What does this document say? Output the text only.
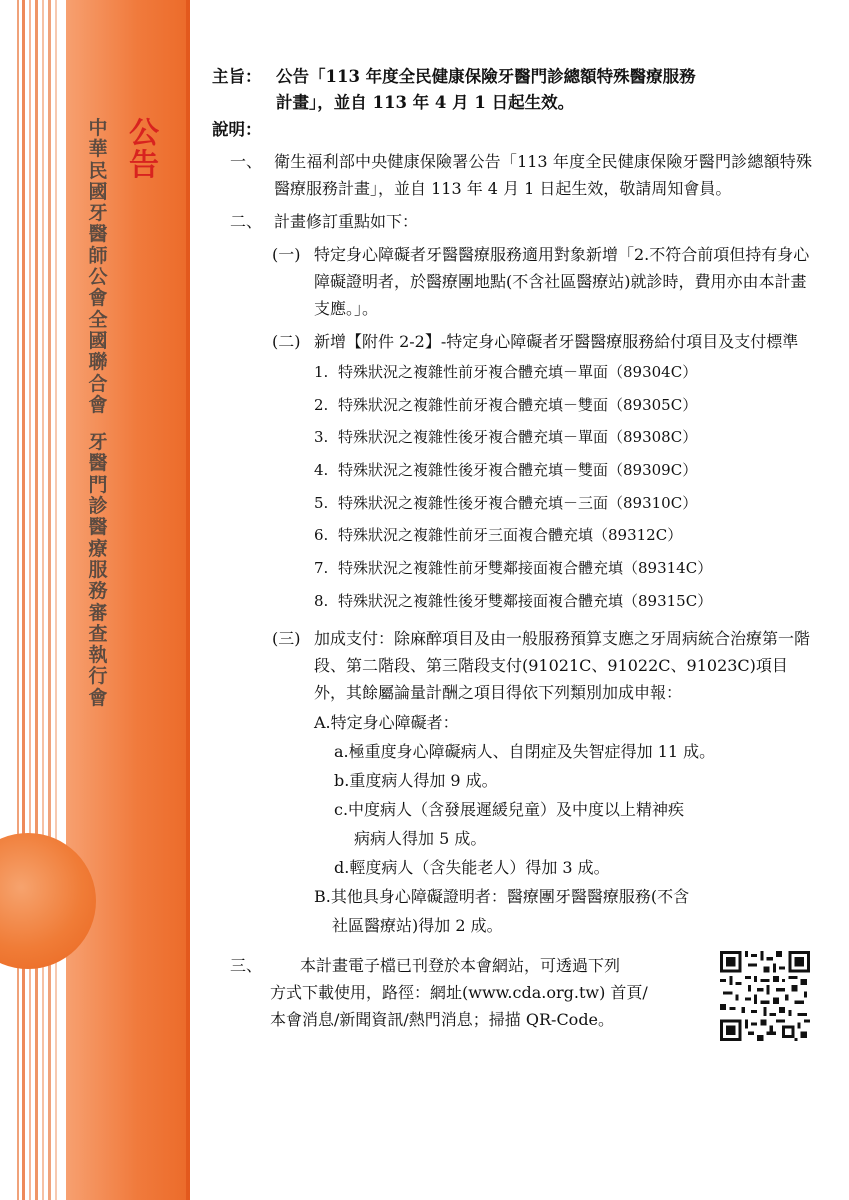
公
告
中
華
民
國
牙
醫
師
公
會
全
國
聯
合
會
牙
醫
門
診
醫
療
服
務
審
查
執
行
會
主旨： 公告「113 年度全民健康保險牙醫門診總額特殊醫療服務
計畫」，並自 113 年 4 月 1 日起生效。
說明：
一、 衛生福利部中央健康保險署公告「113 年度全民健康保險牙醫門診總額特殊醫療服務計畫」，並自 113 年 4 月 1 日起生效，敬請周知會員。
二、 計畫修訂重點如下：
(一) 特定身心障礙者牙醫醫療服務適用對象新增「2.不符合前項但持有身心障礙證明者，於醫療團地點(不含社區醫療站)就診時，費用亦由本計畫支應。」。
(二) 新增【附件 2-2】-特定身心障礙者牙醫醫療服務給付項目及支付標準
1. 特殊狀況之複雜性前牙複合體充填－單面（89304C）
2. 特殊狀況之複雜性前牙複合體充填－雙面（89305C）
3. 特殊狀況之複雜性後牙複合體充填－單面（89308C）
4. 特殊狀況之複雜性後牙複合體充填－雙面（89309C）
5. 特殊狀況之複雜性後牙複合體充填－三面（89310C）
6. 特殊狀況之複雜性前牙三面複合體充填（89312C）
7. 特殊狀況之複雜性前牙雙鄰接面複合體充填（89314C）
8. 特殊狀況之複雜性後牙雙鄰接面複合體充填（89315C）
(三) 加成支付：除麻醉項目及由一般服務預算支應之牙周病統合治療第一階段、第二階段、第三階段支付(91021C、91022C、91023C)項目外，其餘屬論量計酬之項目得依下列類別加成申報：
A.特定身心障礙者：
a.極重度身心障礙病人、自閉症及失智症得加 11 成。
b.重度病人得加 9 成。
c.中度病人（含發展遲緩兒童）及中度以上精神疾
病病人得加 5 成。
d.輕度病人（含失能老人）得加 3 成。
B.其他具身心障礙證明者：醫療團牙醫醫療服務(不含
社區醫療站)得加 2 成。
三、	本計畫電子檔已刊登於本會網站，可透過下列
方式下載使用，路徑：網址(www.cda.org.tw) 首頁/
本會消息/新聞資訊/熱門消息；掃描 QR-Code。
